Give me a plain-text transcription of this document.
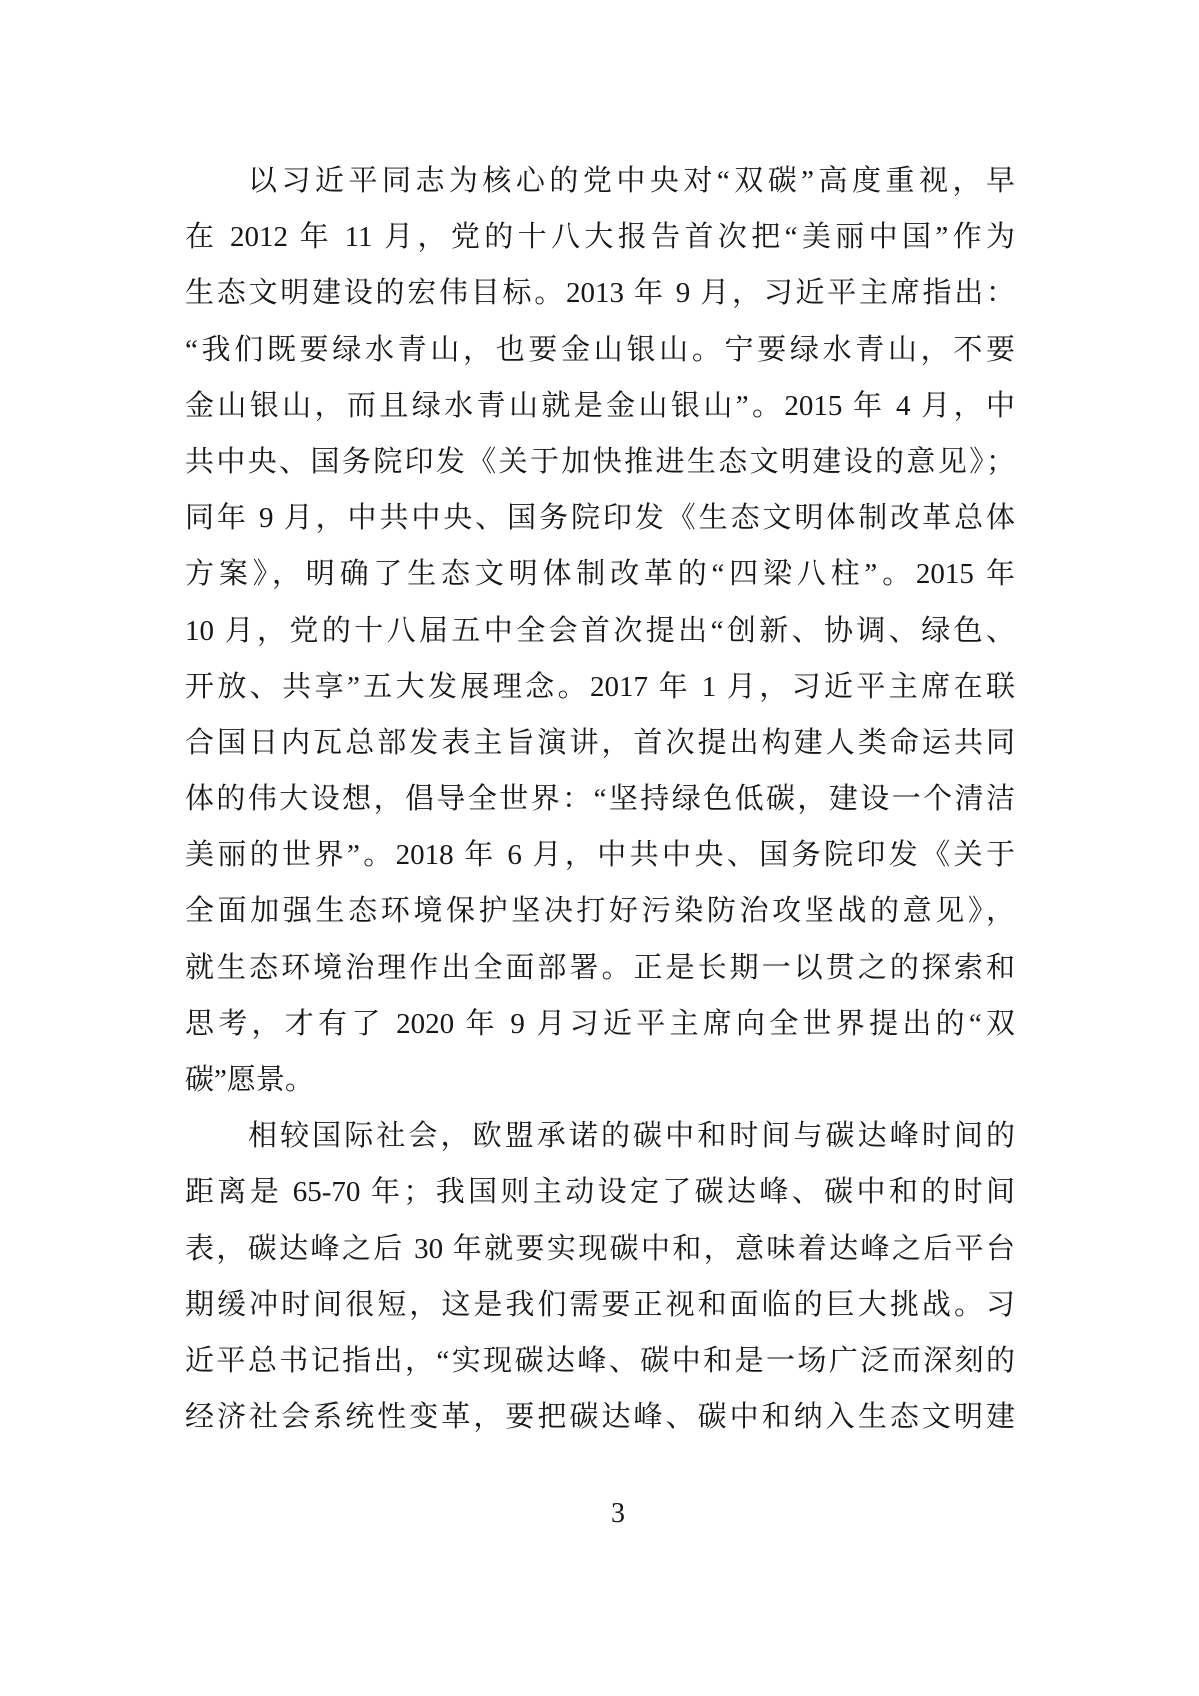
以习近平同志为核心的党中央对“双碳”高度重视，早
在 2012 年 11 月，党的十八大报告首次把“美丽中国”作为
生态文明建设的宏伟目标。2013 年 9 月，习近平主席指出：
“我们既要绿水青山，也要金山银山。宁要绿水青山，不要
金山银山，而且绿水青山就是金山银山”。2015 年 4 月，中
共中央、国务院印发《关于加快推进生态文明建设的意见》；
同年 9 月，中共中央、国务院印发《生态文明体制改革总体
方案》，明确了生态文明体制改革的“四梁八柱”。2015 年
10 月，党的十八届五中全会首次提出“创新、协调、绿色、
开放、共享”五大发展理念。2017 年 1 月，习近平主席在联
合国日内瓦总部发表主旨演讲，首次提出构建人类命运共同
体的伟大设想，倡导全世界：“坚持绿色低碳，建设一个清洁
美丽的世界”。2018 年 6 月，中共中央、国务院印发《关于
全面加强生态环境保护坚决打好污染防治攻坚战的意见》，
就生态环境治理作出全面部署。正是长期一以贯之的探索和
思考，才有了 2020 年 9 月习近平主席向全世界提出的“双
碳”愿景。
相较国际社会，欧盟承诺的碳中和时间与碳达峰时间的
距离是 65-70 年；我国则主动设定了碳达峰、碳中和的时间
表，碳达峰之后 30 年就要实现碳中和，意味着达峰之后平台
期缓冲时间很短，这是我们需要正视和面临的巨大挑战。习
近平总书记指出，“实现碳达峰、碳中和是一场广泛而深刻的
经济社会系统性变革，要把碳达峰、碳中和纳入生态文明建
3
